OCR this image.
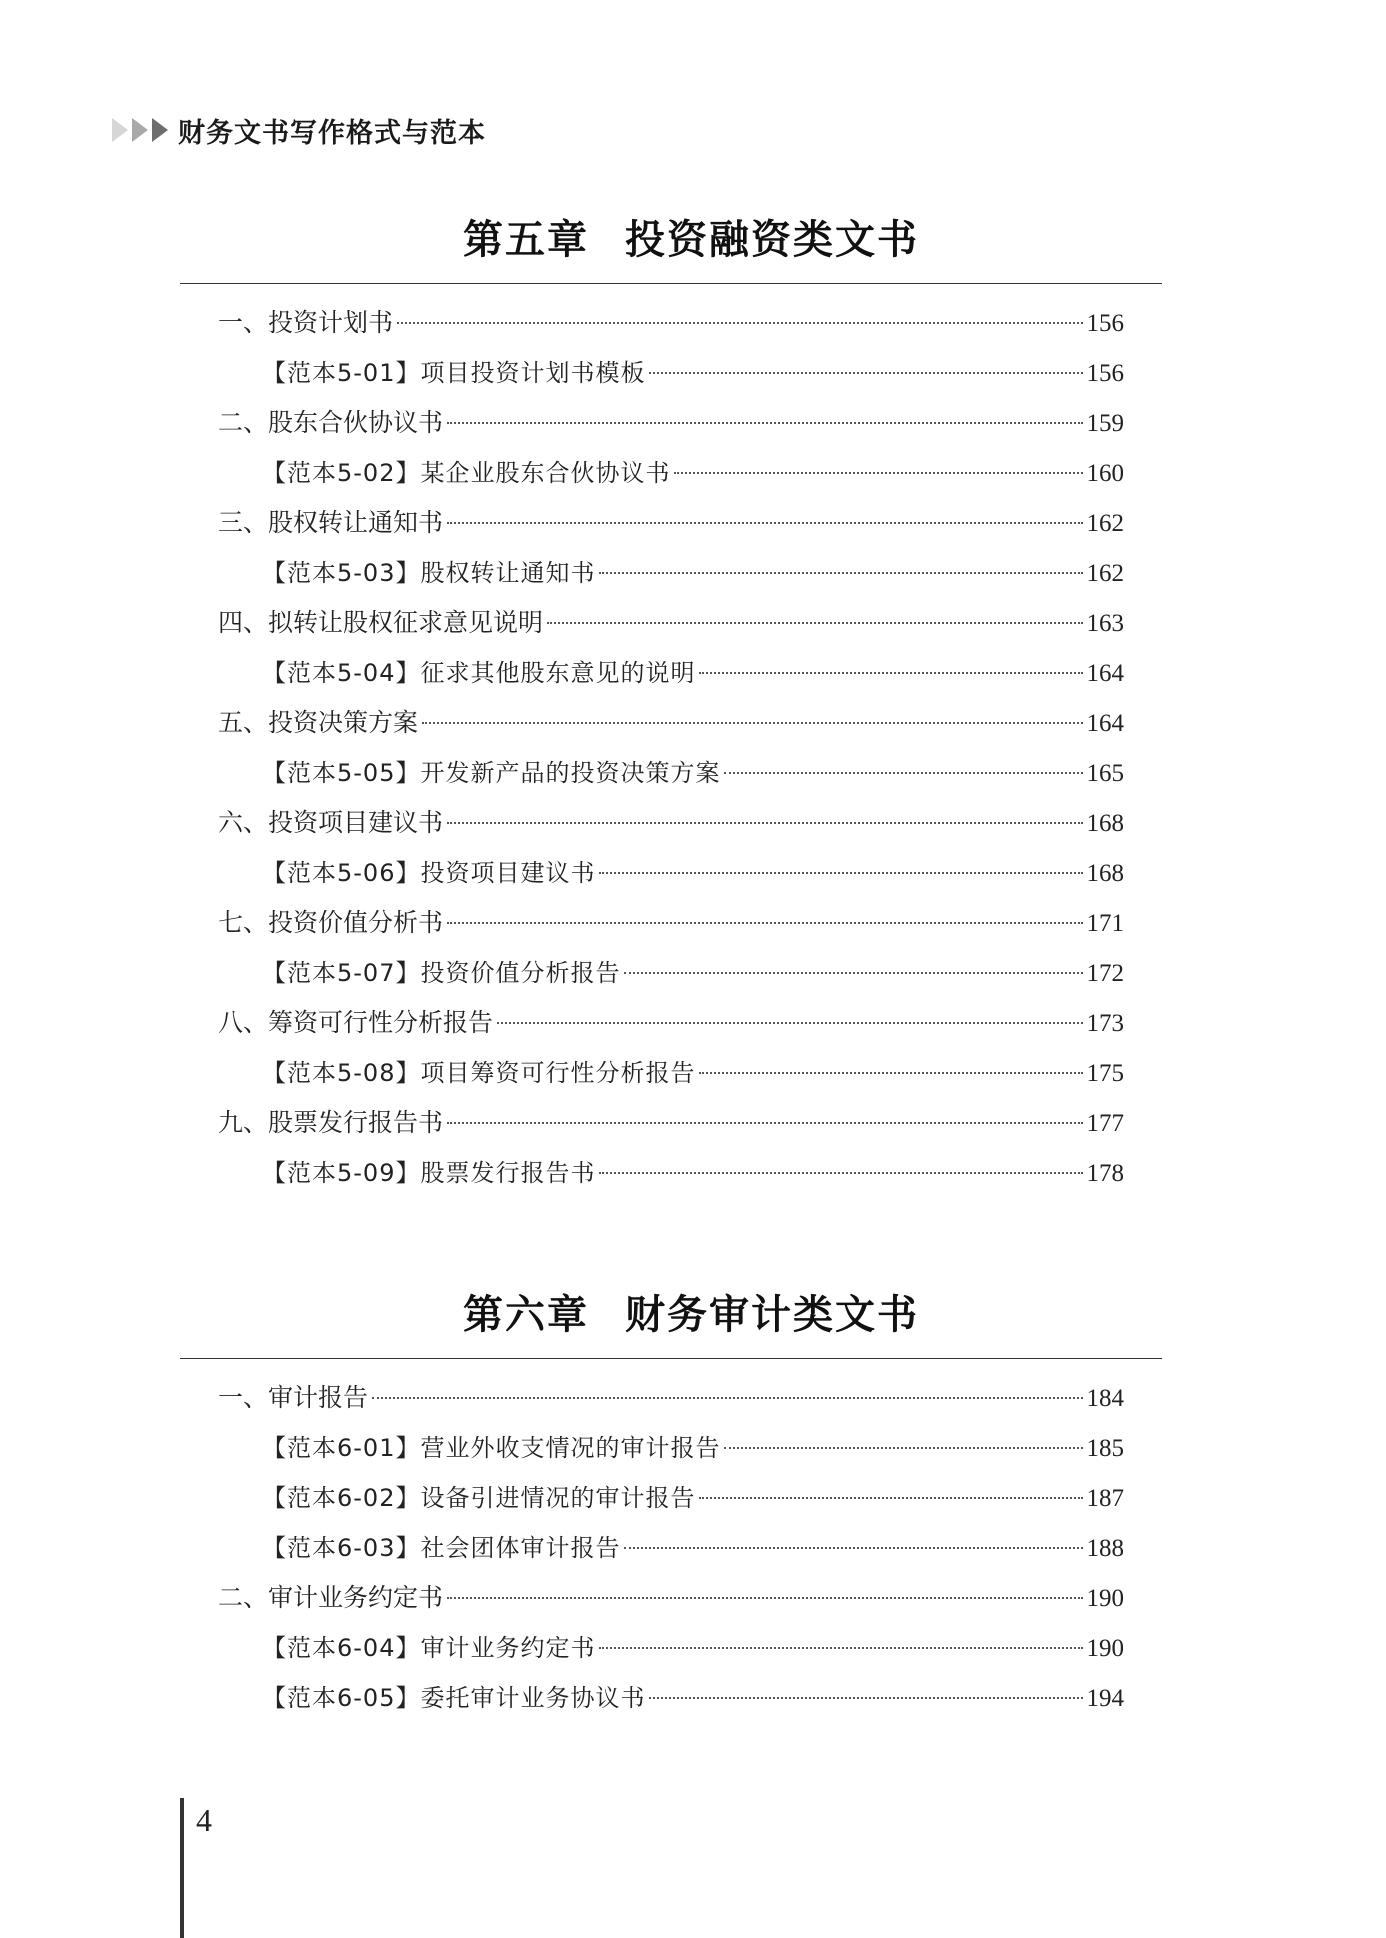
财务文书写作格式与范本
第五章 投资融资类文书
一、投资计划书	156
【范本5-01】项目投资计划书模板	156
二、股东合伙协议书	159
【范本5-02】某企业股东合伙协议书	160
三、股权转让通知书	162
【范本5-03】股权转让通知书	162
四、拟转让股权征求意见说明	163
【范本5-04】征求其他股东意见的说明	164
五、投资决策方案	164
【范本5-05】开发新产品的投资决策方案	165
六、投资项目建议书	168
【范本5-06】投资项目建议书	168
七、投资价值分析书	171
【范本5-07】投资价值分析报告	172
八、筹资可行性分析报告	173
【范本5-08】项目筹资可行性分析报告	175
九、股票发行报告书	177
【范本5-09】股票发行报告书	178
第六章 财务审计类文书
一、审计报告	184
【范本6-01】营业外收支情况的审计报告	185
【范本6-02】设备引进情况的审计报告	187
【范本6-03】社会团体审计报告	188
二、审计业务约定书	190
【范本6-04】审计业务约定书	190
【范本6-05】委托审计业务协议书	194
4
